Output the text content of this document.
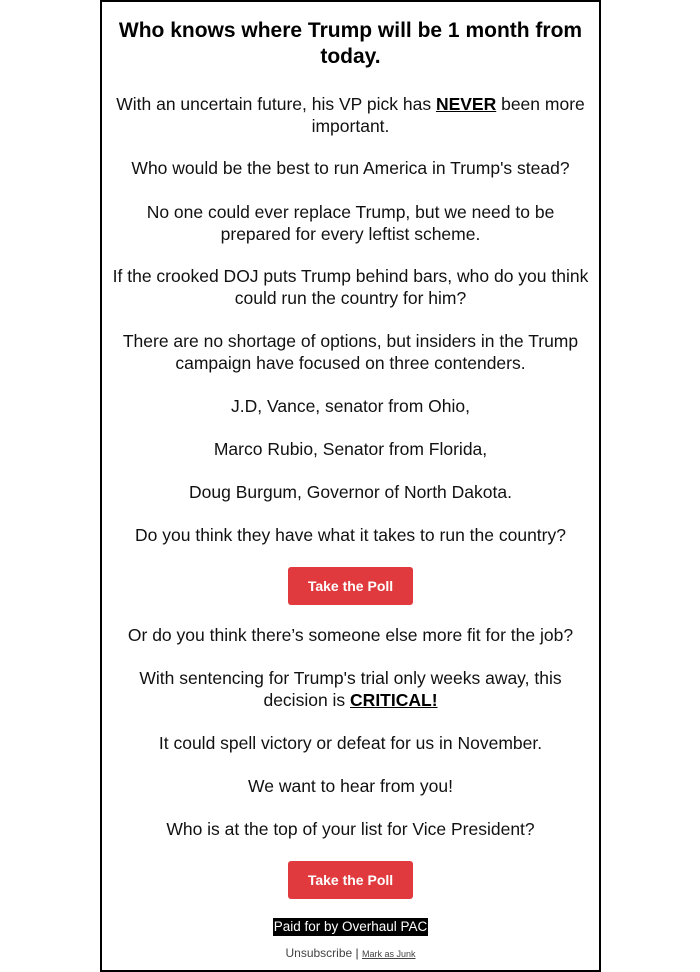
Who knows where Trump will be 1 month from today.

With an uncertain future, his VP pick has NEVER been more important.

Who would be the best to run America in Trump's stead?

No one could ever replace Trump, but we need to be prepared for every leftist scheme.

If the crooked DOJ puts Trump behind bars, who do you think could run the country for him?

There are no shortage of options, but insiders in the Trump campaign have focused on three contenders.

J.D, Vance, senator from Ohio,

Marco Rubio, Senator from Florida,

Doug Burgum, Governor of North Dakota.

Do you think they have what it takes to run the country?

Take the Poll

Or do you think there’s someone else more fit for the job?

With sentencing for Trump's trial only weeks away, this decision is CRITICAL!

It could spell victory or defeat for us in November.

We want to hear from you!

Who is at the top of your list for Vice President?

Take the Poll
Paid for by Overhaul PAC
Unsubscribe | Mark as Junk
